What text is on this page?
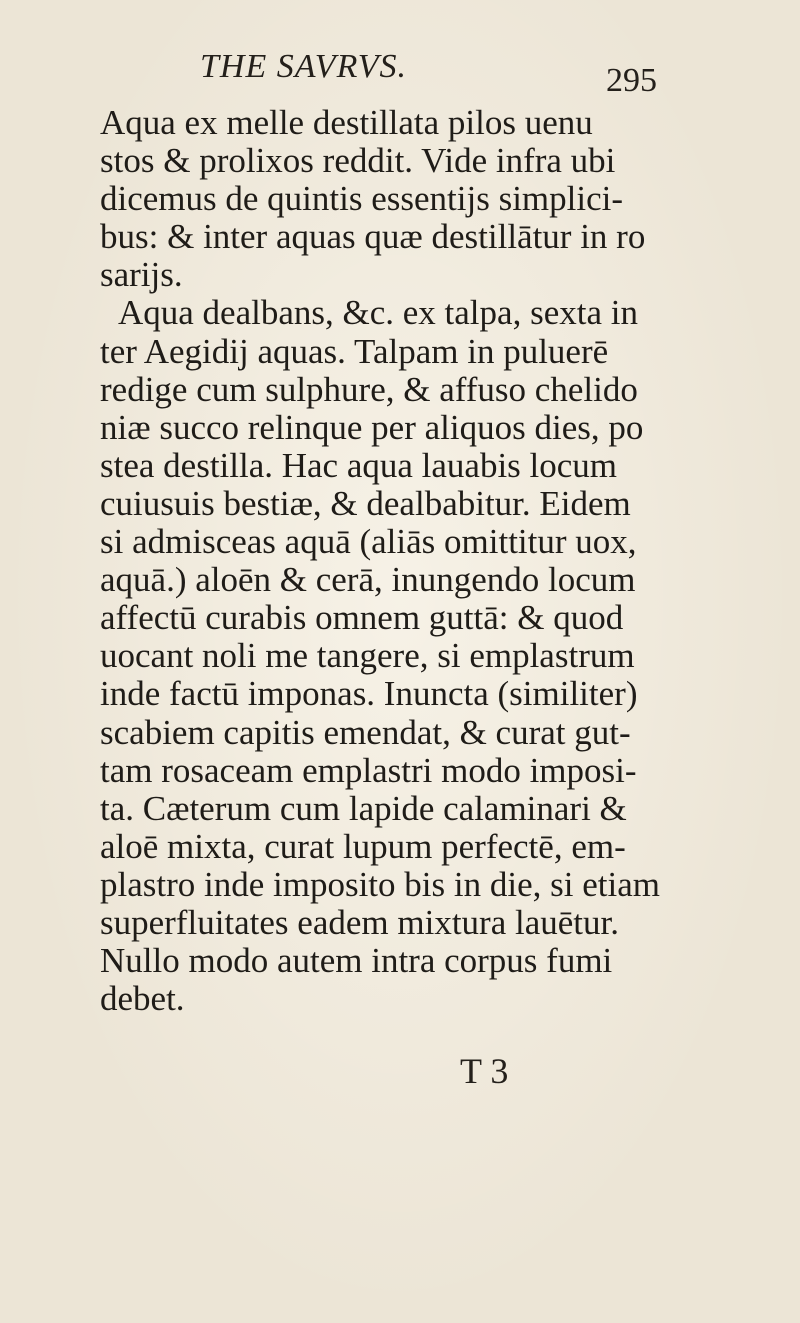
THE SAVRVS.	295
Aqua ex melle destillata pilos uenu
stos & prolixos reddit. Vide infra ubi
dicemus de quintis essentijs simplici-
bus: & inter aquas quæ destillātur in ro
sarijs.
Aqua dealbans, &c. ex talpa, sexta in
ter Aegidij aquas. Talpam in puluerē
redige cum sulphure, & affuso chelido
niæ succo relinque per aliquos dies, po
stea destilla. Hac aqua lauabis locum
cuiusuis bestiæ, & dealbabitur. Eidem
si admisceas aquā (aliās omittitur uox,
aquā.) aloēn & cerā, inungendo locum
affectū curabis omnem guttā: & quod
uocant noli me tangere, si emplastrum
inde factū imponas. Inuncta (similiter)
scabiem capitis emendat, & curat gut-
tam rosaceam emplastri modo imposi-
ta. Cæterum cum lapide calaminari &
aloē mixta, curat lupum perfectē, em-
plastro inde imposito bis in die, si etiam
superfluitates eadem mixtura lauētur.
Nullo modo autem intra corpus fumi
debet.
T 3
